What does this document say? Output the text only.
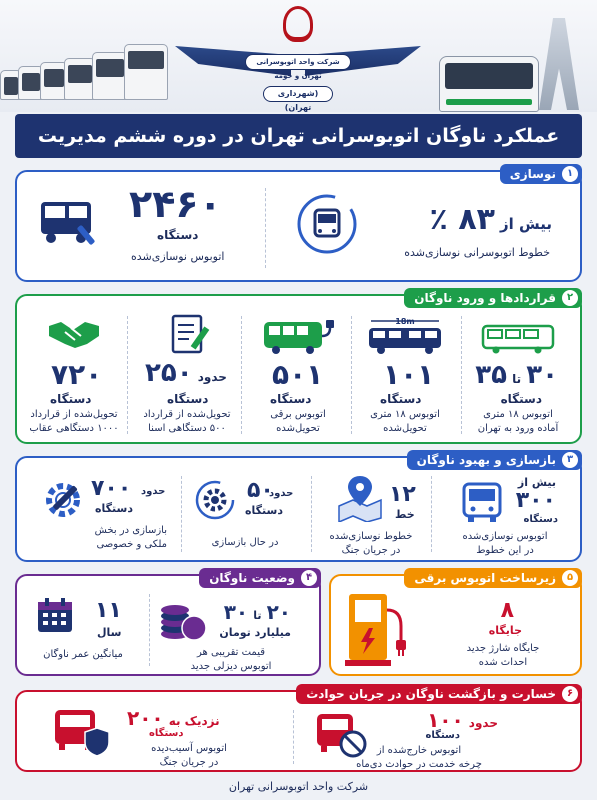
شرکت واحد اتوبوسرانی تهران و حومه
(شهرداری تهران)
عملکرد ناوگان اتوبوسرانی تهران در دوره ششم مدیریت
۱
نوسازی
بیش از ۸۳ ٪
خطوط اتوبوسرانی نوسازی‌شده
۲۴۶۰
دستگاه
اتوبوس نوسازی‌شده
۲
قراردادها و ورود ناوگان
۳۰ تا ۳۵
دستگاه
اتوبوس ۱۸ متری
آماده ورود به تهران
18m
۱۰۱
دستگاه
اتوبوس ۱۸ متری
تحویل‌شده
۵۰۱
دستگاه
اتوبوس برقی
تحویل‌شده
حدود ۲۵۰
دستگاه
تحویل‌شده از قرارداد
۵۰۰ دستگاهی اسنا
۷۲۰
دستگاه
تحویل‌شده از قرارداد
۱۰۰۰ دستگاهی عقاب
۳
بازسازی و بهبود ناوگان
بیش از
۳۰۰
دستگاه
اتوبوس نوسازی‌شده
در این خطوط
۱۲
خط
خطوط نوسازی‌شده
در جریان جنگ
حدود
۵۰
دستگاه
در حال بازسازی
حدود
۷۰۰
دستگاه
بازسازی در بخش
ملکی و خصوصی
۴
وضعیت ناوگان
۲۰ تا ۳۰
میلیارد تومان
قیمت تقریبی هر
اتوبوس دیزلی جدید
۱۱
سال
میانگین عمر ناوگان
۵
زیرساخت اتوبوس برقی
۸
جایگاه
جایگاه شارژ جدید
احداث شده
۶
خسارت و بازگشت ناوگان در جریان حوادث
حدود ۱۰۰
دستگاه
اتوبوس خارج‌شده از
چرخه خدمت در حوادث دی‌ماه
نزدیک به ۲۰۰
دستگاه
اتوبوس آسیب‌دیده
در جریان جنگ
شرکت واحد اتوبوسرانی تهران
